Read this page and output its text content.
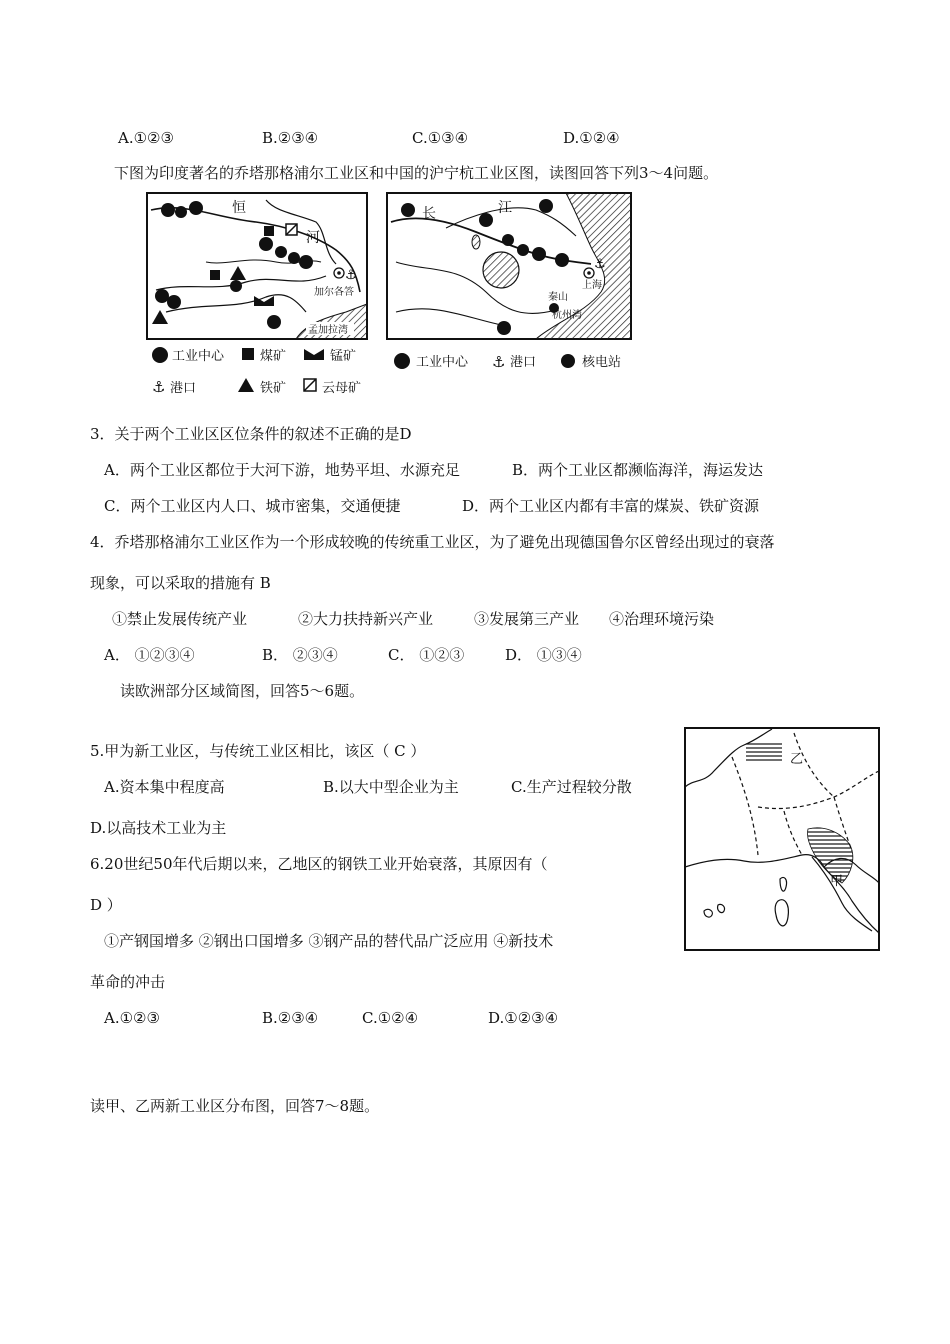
A.①②③	B.②③④	C.①③④	D.①②④
下图为印度著名的乔塔那格浦尔工业区和中国的沪宁杭工业区图，读图回答下列3～4问题。
⚓
恒
河
加尔各答
孟加拉湾
⚓
长	江
上海
秦山
杭州湾
工业中心	煤矿	锰矿
⚓ 港口	铁矿	云母矿
工业中心 ⚓ 港口	核电站
3．关于两个工业区区位条件的叙述不正确的是D
A．两个工业区都位于大河下游，地势平坦、水源充足	B．两个工业区都濒临海洋，海运发达
C．两个工业区内人口、城市密集，交通便捷	D．两个工业区内都有丰富的煤炭、铁矿资源
4．乔塔那格浦尔工业区作为一个形成较晚的传统重工业区，为了避免出现德国鲁尔区曾经出现过的衰落
现象，可以采取的措施有 B
①禁止发展传统产业	②大力扶持新兴产业	③发展第三产业 ④治理环境污染
A． ①②③④	B． ②③④	C． ①②③	D． ①③④
读欧洲部分区域简图，回答5～6题。
乙
甲
5.甲为新工业区，与传统工业区相比，该区（ C ）
A.资本集中程度高	B.以大中型企业为主	C.生产过程较分散
D.以高技术工业为主
6.20世纪50年代后期以来，乙地区的钢铁工业开始衰落，其原因有（
D ）
①产钢国增多 ②钢出口国增多 ③钢产品的替代品广泛应用 ④新技术
革命的冲击
A.①②③	B.②③④	C.①②④	D.①②③④
读甲、乙两新工业区分布图，回答7～8题。
